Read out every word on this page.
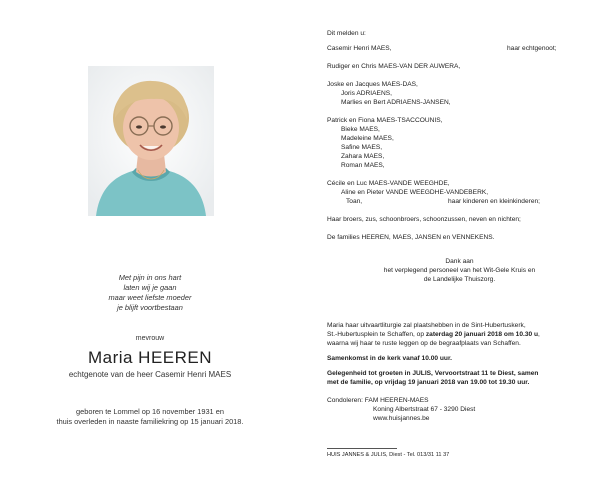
Met pijn in ons hart
laten wij je gaan
maar weet liefste moeder
je blijft voortbestaan
mevrouw
Maria HEEREN
echtgenote van de heer Casemir Henri MAES
geboren te Lommel op 16 november 1931 en
thuis overleden in naaste familiekring op 15 januari 2018.
Dit melden u:
Casemir Henri MAES,	haar echtgenoot;
Rudiger en Chris MAES-VAN DER AUWERA,
Joske en Jacques MAES-DAS,
Joris ADRIAENS,
Marlies en Bert ADRIAENS-JANSEN,
Patrick en Fiona MAES-TSACCOUNIS,
Bieke MAES,
Madeleine MAES,
Safine MAES,
Zahara MAES,
Roman MAES,
Cécile en Luc MAES-VANDE WEEGHDE,
Aline en Pieter VANDE WEEGDHE-VANDEBERK,
Toan,	haar kinderen en kleinkinderen;
Haar broers, zus, schoonbroers, schoonzussen, neven en nichten;
De families HEEREN, MAES, JANSEN en VENNEKENS.
Dank aan
het verplegend personeel van het Wit-Gele Kruis en
de Landelijke Thuiszorg.
Maria haar uitvaartliturgie zal plaatshebben in de Sint-Hubertuskerk,
St.-Hubertusplein te Schaffen, op zaterdag 20 januari 2018 om 10.30 u,
waarna wij haar te ruste leggen op de begraafplaats van Schaffen.
Samenkomst in de kerk vanaf 10.00 uur.
Gelegenheid tot groeten in JULIS, Vervoortstraat 11 te Diest, samen
met de familie, op vrijdag 19 januari 2018 van 19.00 tot 19.30 uur.
Condoleren: FAM HEEREN-MAES
Koning Albertstraat 67 - 3290 Diest
www.huisjannes.be
HUIS JANNES & JULIS, Diest - Tel. 013/31 11 37
